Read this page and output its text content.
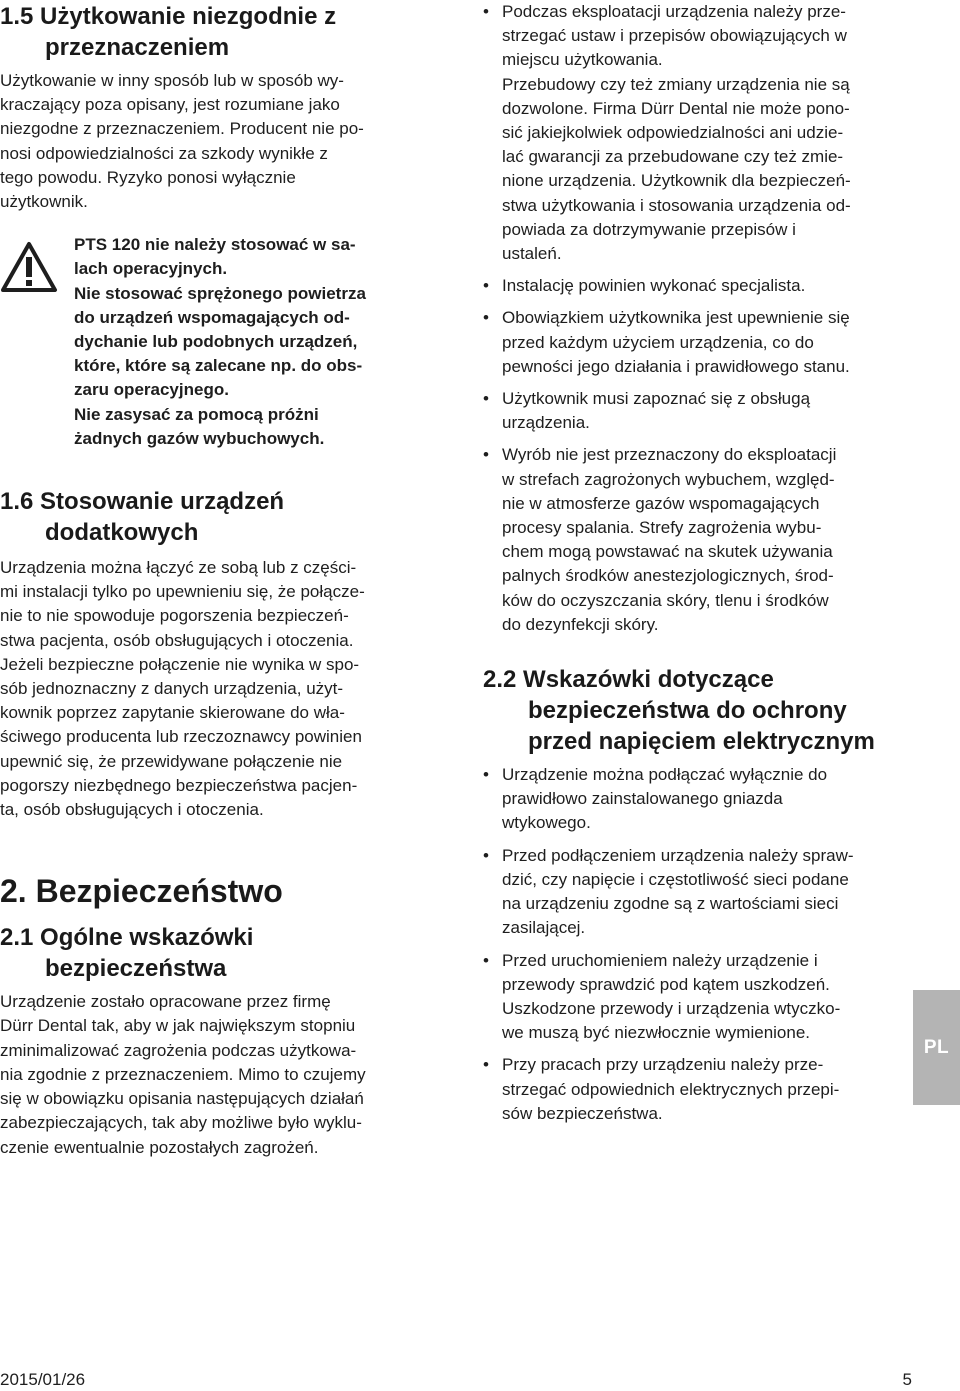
1.5 Użytkowanie niezgodnie z
przeznaczeniem

Użytkowanie w inny sposób lub w sposób wy-
kraczający poza opisany, jest rozumiane jako
niezgodne z przeznaczeniem. Producent nie po-
nosi odpowiedzialności za szkody wynikłe z
tego powodu. Ryzyko ponosi wyłącznie
użytkownik.

PTS 120 nie należy stosować w sa-
lach operacyjnych.
Nie stosować sprężonego powietrza
do urządzeń wspomagających od-
dychanie lub podobnych urządzeń,
które, które są zalecane np. do obs-
zaru operacyjnego.
Nie zasysać za pomocą próżni
żadnych gazów wybuchowych.

1.6 Stosowanie urządzeń
dodatkowych

Urządzenia można łączyć ze sobą lub z części-
mi instalacji tylko po upewnieniu się, że połącze-
nie to nie spowoduje pogorszenia bezpieczeń-
stwa pacjenta, osób obsługujących i otoczenia.
Jeżeli bezpieczne połączenie nie wynika w spo-
sób jednoznaczny z danych urządzenia, użyt-
kownik poprzez zapytanie skierowane do wła-
ściwego producenta lub rzeczoznawcy powinien
upewnić się, że przewidywane połączenie nie
pogorszy niezbędnego bezpieczeństwa pacjen-
ta, osób obsługujących i otoczenia.

2. Bezpieczeństwo
2.1 Ogólne wskazówki
bezpieczeństwa

Urządzenie zostało opracowane przez firmę
Dürr Dental tak, aby w jak największym stopniu
zminimalizować zagrożenia podczas użytkowa-
nia zgodnie z przeznaczeniem. Mimo to czujemy
się w obowiązku opisania następujących działań
zabezpieczających, tak aby możliwe było wyklu-
czenie ewentualnie pozostałych zagrożeń.

• Podczas eksploatacji urządzenia należy prze-
strzegać ustaw i przepisów obowiązujących w
miejscu użytkowania.
Przebudowy czy też zmiany urządzenia nie są
dozwolone. Firma Dürr Dental nie może pono-
sić jakiejkolwiek odpowiedzialności ani udzie-
lać gwarancji za przebudowane czy też zmie-
nione urządzenia. Użytkownik dla bezpieczeń-
stwa użytkowania i stosowania urządzenia od-
powiada za dotrzymywanie przepisów i
ustaleń.
• Instalację powinien wykonać specjalista.
• Obowiązkiem użytkownika jest upewnienie się
przed każdym użyciem urządzenia, co do
pewności jego działania i prawidłowego stanu.
• Użytkownik musi zapoznać się z obsługą
urządzenia.
• Wyrób nie jest przeznaczony do eksploatacji
w strefach zagrożonych wybuchem, względ-
nie w atmosferze gazów wspomagających
procesy spalania. Strefy zagrożenia wybu-
chem mogą powstawać na skutek używania
palnych środków anestezjologicznych, środ-
ków do oczyszczania skóry, tlenu i środków
do dezynfekcji skóry.
2.2 Wskazówki dotyczące
bezpieczeństwa do ochrony
przed napięciem elektrycznym
• Urządzenie można podłączać wyłącznie do
prawidłowo zainstalowanego gniazda
wtykowego.
• Przed podłączeniem urządzenia należy spraw-
dzić, czy napięcie i częstotliwość sieci podane
na urządzeniu zgodne są z wartościami sieci
zasilającej.
• Przed uruchomieniem należy urządzenie i
przewody sprawdzić pod kątem uszkodzeń.
Uszkodzone przewody i urządzenia wtyczko-
we muszą być niezwłocznie wymienione.
• Przy pracach przy urządzeniu należy prze-
strzegać odpowiednich elektrycznych przepi-
sów bezpieczeństwa.
PL
2015/01/26	5
